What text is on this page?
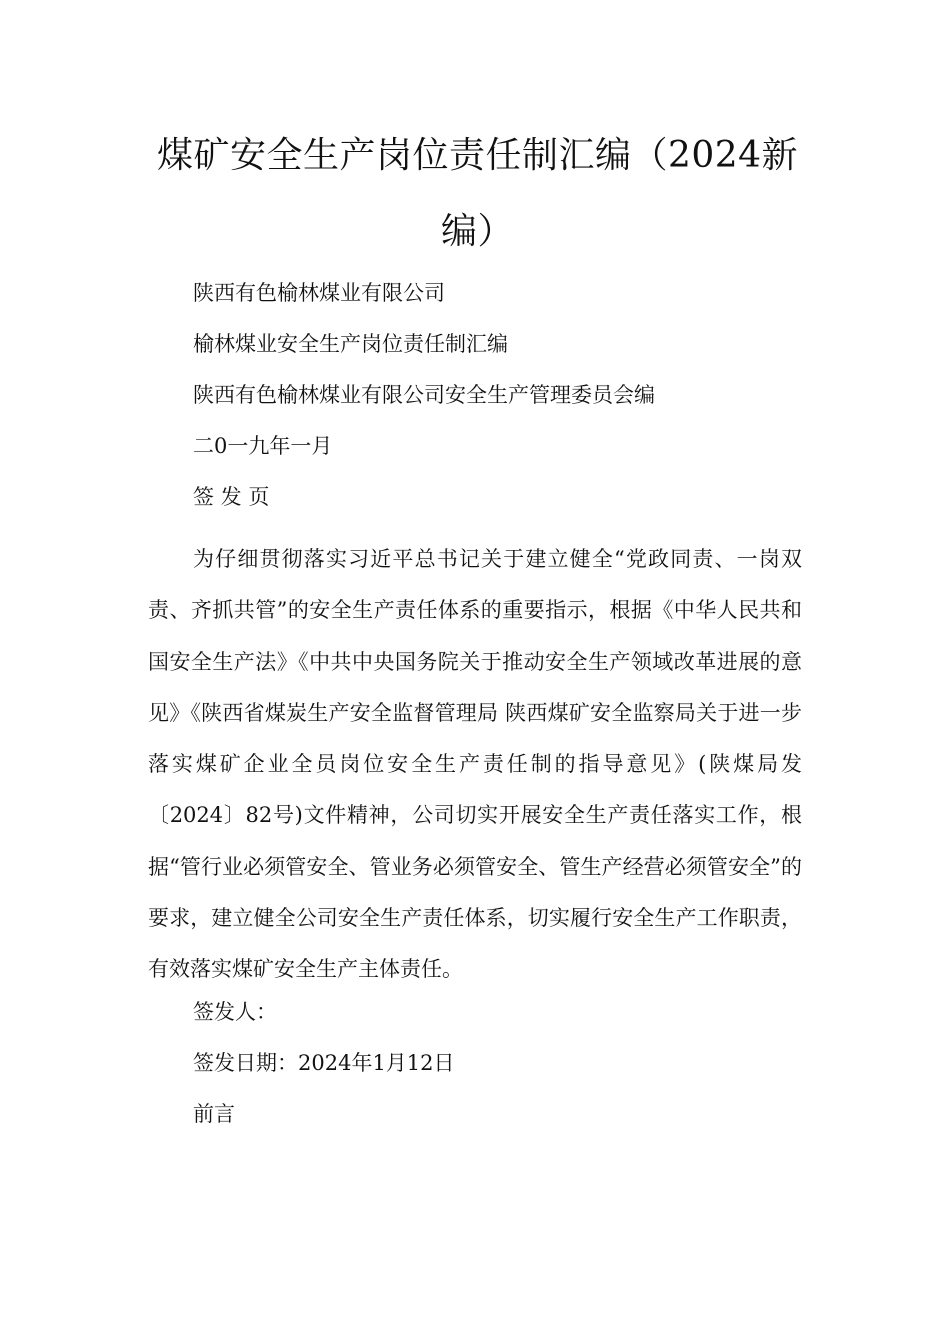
煤矿安全生产岗位责任制汇编（2024新编）
陕西有色榆林煤业有限公司
榆林煤业安全生产岗位责任制汇编
陕西有色榆林煤业有限公司安全生产管理委员会编
二0一九年一月
签 发 页
为仔细贯彻落实习近平总书记关于建立健全“党政同责、一岗双责、齐抓共管”的安全生产责任体系的重要指示，根据《中华人民共和国安全生产法》《中共中央国务院关于推动安全生产领域改革进展的意见》《陕西省煤炭生产安全监督管理局 陕西煤矿安全监察局关于进一步落实煤矿企业全员岗位安全生产责任制的指导意见》(陕煤局发〔2024〕82号)文件精神，公司切实开展安全生产责任落实工作，根据“管行业必须管安全、管业务必须管安全、管生产经营必须管安全”的要求，建立健全公司安全生产责任体系，切实履行安全生产工作职责，有效落实煤矿安全生产主体责任。
签发人：
签发日期：2024年1月12日
前言
